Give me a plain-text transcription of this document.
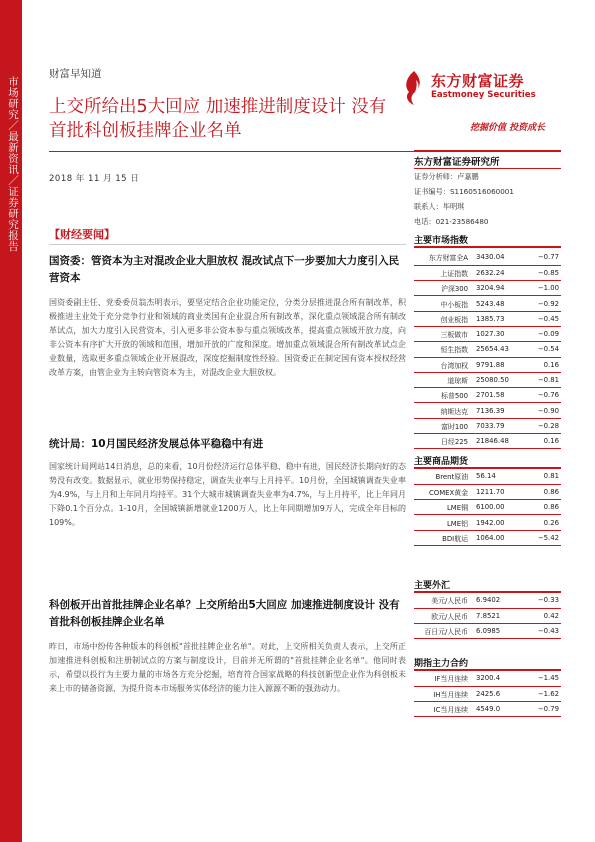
市场研究／最新资讯／证券研究报告
财富早知道
上交所给出5大回应 加速推进制度设计 没有首批科创板挂牌企业名单
东方财富证券
Eastmoney Securities
挖掘价值 投资成长
2018 年 11 月 15 日
【财经要闻】
国资委：管资本为主对混改企业大胆放权 混改试点下一步要加大力度引入民营资本
国资委副主任、党委委员翁杰明表示，要坚定结合企业功能定位，分类分层推进混合所有制改革，积极推进主业处于充分竞争行业和领域的商业类国有企业混合所有制改革，深化重点领域混合所有制改革试点，加大力度引入民营资本，引入更多非公资本参与重点领域改革，提高重点领域开放力度，向非公资本有序扩大开放的领域和范围，增加开放的广度和深度。增加重点领域混合所有制改革试点企业数量，选取更多重点领域企业开展混改，深度挖掘制度性经验。国资委正在制定国有资本授权经营改革方案，由管企业为主转向管资本为主，对混改企业大胆放权。
统计局：10月国民经济发展总体平稳稳中有进
国家统计局网站14日消息，总的来看，10月份经济运行总体平稳、稳中有进，国民经济长期向好的态势没有改变。数据显示，就业形势保持稳定，调查失业率与上月持平。10月份，全国城镇调查失业率为4.9%，与上月和上年同月均持平。31个大城市城镇调查失业率为4.7%，与上月持平，比上年同月下降0.1个百分点。1-10月，全国城镇新增就业1200万人，比上年同期增加9万人，完成全年目标的109%。
科创板开出首批挂牌企业名单？上交所给出5大回应 加速推进制度设计 没有首批科创板挂牌企业名单
昨日，市场中纷传各种版本的科创板"首批挂牌企业名单"。对此，上交所相关负责人表示，上交所正加速推进科创板和注册制试点的方案与制度设计，目前并无所谓的"首批挂牌企业名单"。他同时表示，希望以投行为主要力量的市场各方充分挖掘，培育符合国家战略的科技创新型企业作为科创板未来上市的储备资源，为提升资本市场服务实体经济的能力注入源源不断的强劲动力。
东方财富证券研究所
证券分析师：卢嘉鹏
证书编号：S1160516060001
联系人：毕明琪
电话：021-23586480
主要市场指数
东方财富全A	3430.04	−0.77
上证指数	2632.24	−0.85
沪深300	3204.94	−1.00
中小板指	5243.48	−0.92
创业板指	1385.73	−0.45
三板做市	1027.30	−0.09
恒生指数	25654.43	−0.54
台湾加权	9791.88	0.16
道琼斯	25080.50	−0.81
标普500	2701.58	−0.76
纳斯达克	7136.39	−0.90
富时100	7033.79	−0.28
日经225	21846.48	0.16
主要商品期货
Brent原油	56.14	0.81
COMEX黄金	1211.70	0.86
LME铜	6100.00	0.86
LME铝	1942.00	0.26
BDI航运	1064.00	−5.42
主要外汇
美元/人民币	6.9402	−0.33
欧元/人民币	7.8521	0.42
百日元/人民币	6.0985	−0.43
期指主力合约
IF当月连续	3200.4	−1.45
IH当月连续	2425.6	−1.62
IC当月连续	4549.0	−0.79
